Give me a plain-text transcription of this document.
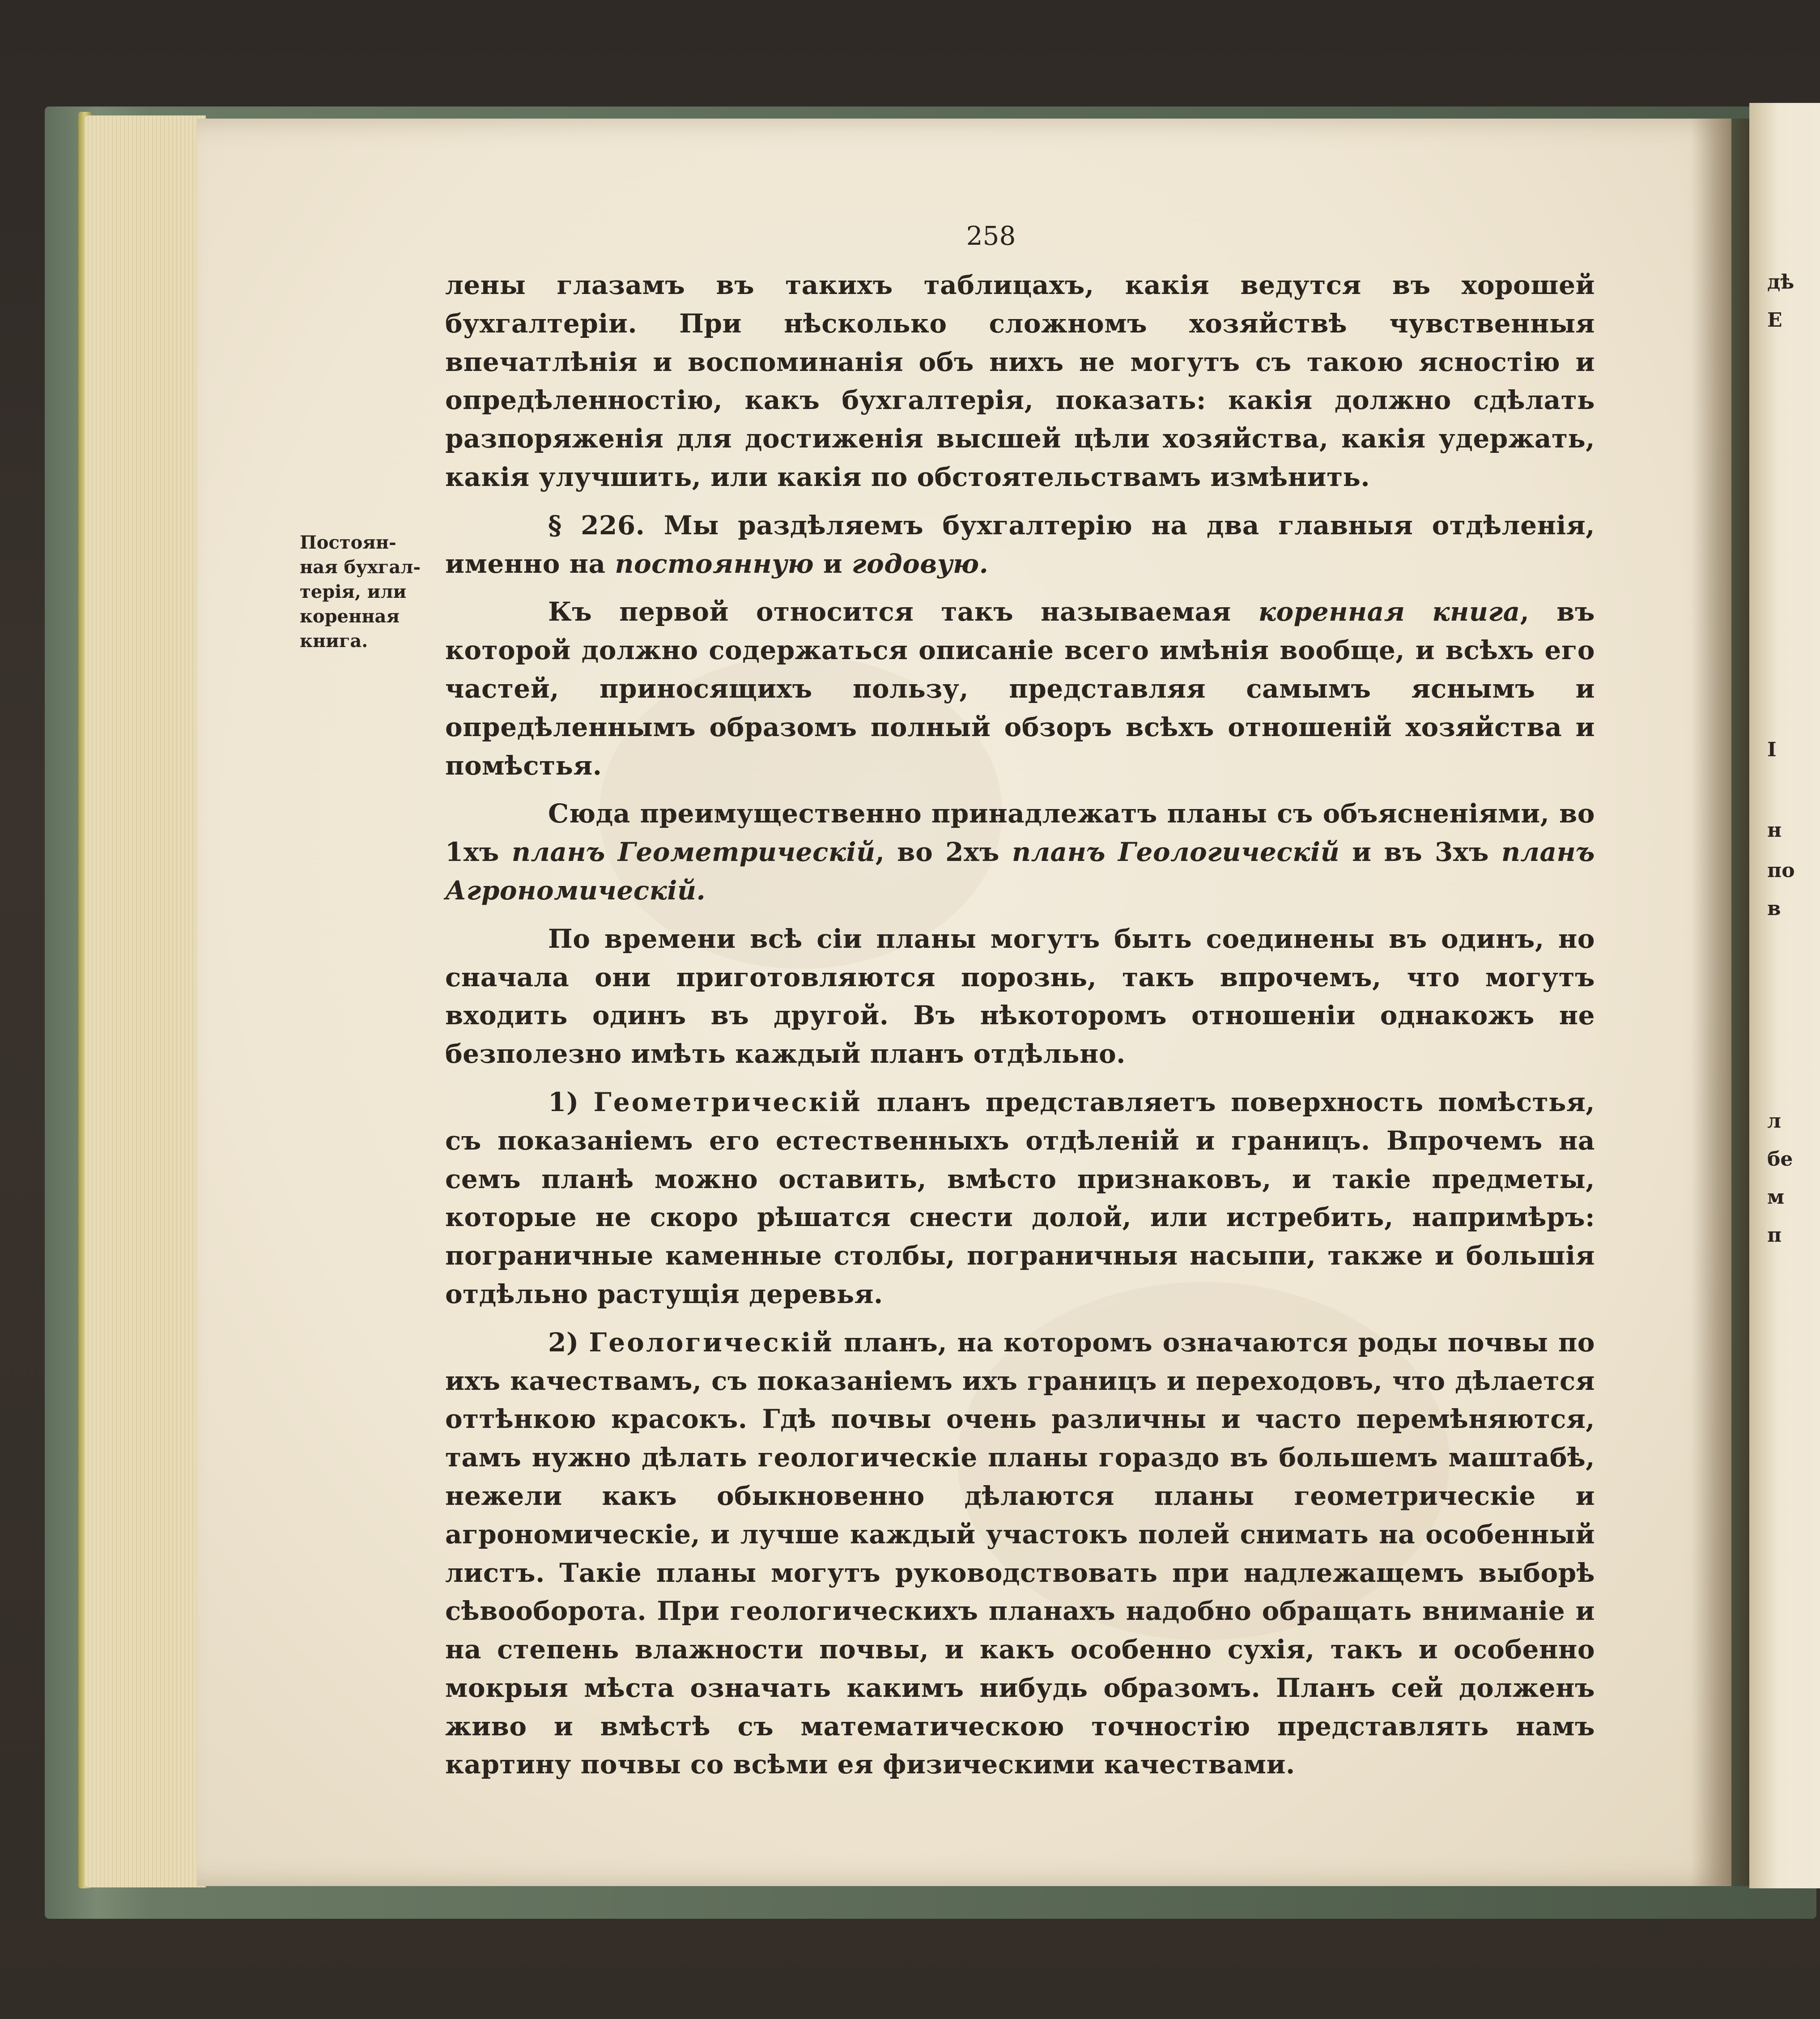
258
Постоян-
ная бухгал-
терія, или
коренная
книга.

лены глазамъ въ такихъ таблицахъ, какія ведутся въ хорошей бухгалтеріи. При нѣсколько сложномъ хозяйствѣ чувственныя впечатлѣнія и воспоминанія объ нихъ не могутъ съ такою ясностію и опредѣленностію, какъ бухгалтерія, показать: какія должно сдѣлать разпоряженія для достиженія высшей цѣли хозяйства, какія удержать, какія улучшить, или какія по обстоятельствамъ измѣнить.

§ 226. Мы раздѣляемъ бухгалтерію на два главныя отдѣленія, именно на постоянную и годовую.

Къ первой относится такъ называемая коренная книга, въ которой должно содержаться описаніе всего имѣнія вообще, и всѣхъ его частей, приносящихъ пользу, представляя самымъ яснымъ и опредѣленнымъ образомъ полный обзоръ всѣхъ отношеній хозяйства и помѣстья.

Сюда преимущественно принадлежатъ планы съ объясненіями, во 1хъ планъ Геометрическій, во 2хъ планъ Геологическій и въ 3хъ планъ Агрономическій.

По времени всѣ сіи планы могутъ быть соединены въ одинъ, но сначала они приготовляются порознь, такъ впрочемъ, что могутъ входить одинъ въ другой. Въ нѣкоторомъ отношеніи однакожъ не безполезно имѣть каждый планъ отдѣльно.

1) Геометрическій планъ представляетъ поверхность помѣстья, съ показаніемъ его естественныхъ отдѣленій и границъ. Впрочемъ на семъ планѣ можно оставить, вмѣсто признаковъ, и такіе предметы, которые не скоро рѣшатся снести долой, или истребить, напримѣръ: пограничные каменные столбы, пограничныя насыпи, также и большія отдѣльно растущія деревья.

2) Геологическій планъ, на которомъ означаются роды почвы по ихъ качествамъ, съ показаніемъ ихъ границъ и переходовъ, что дѣлается оттѣнкою красокъ. Гдѣ почвы очень различны и часто перемѣняются, тамъ нужно дѣлать геологическіе планы гораздо въ большемъ маштабѣ, нежели какъ обыкновенно дѣлаются планы геометрическіе и агрономическіе, и лучше каждый участокъ полей снимать на особенный листъ. Такіе планы могутъ руководствовать при надлежащемъ выборѣ сѣвооборота. При геологическихъ планахъ надобно обращать вниманіе и на степень влажности почвы, и какъ особенно сухія, такъ и особенно мокрыя мѣста означать какимъ нибудь образомъ. Планъ сей долженъ живо и вмѣстѣ съ математическою точностію представлять намъ картину почвы со всѣми ея физическими качествами.

дѣ
Е
І
н
по
в
л
бе
м
п
